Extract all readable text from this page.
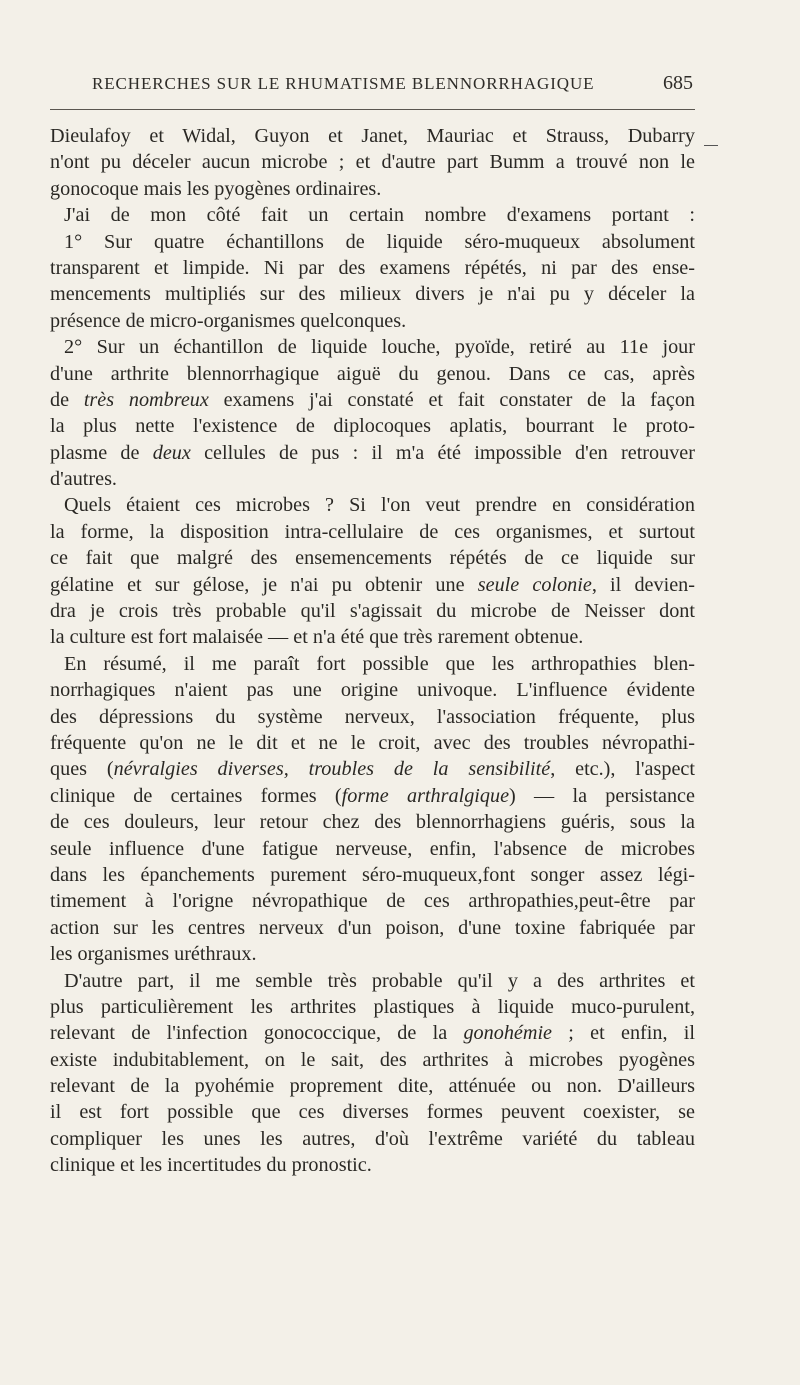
RECHERCHES SUR LE RHUMATISME BLENNORRHAGIQUE	685
Dieulafoy et Widal, Guyon et Janet, Mauriac et Strauss, Dubarry
n'ont pu déceler aucun microbe ; et d'autre part Bumm a trouvé non le
gonocoque mais les pyogènes ordinaires.
J'ai de mon côté fait un certain nombre d'examens portant :
1° Sur quatre échantillons de liquide séro-muqueux absolument
transparent et limpide. Ni par des examens répétés, ni par des ense-
mencements multipliés sur des milieux divers je n'ai pu y déceler la
présence de micro-organismes quelconques.
2° Sur un échantillon de liquide louche, pyoïde, retiré au 11e jour
d'une arthrite blennorrhagique aiguë du genou. Dans ce cas, après
de très nombreux examens j'ai constaté et fait constater de la façon
la plus nette l'existence de diplocoques aplatis, bourrant le proto-
plasme de deux cellules de pus : il m'a été impossible d'en retrouver
d'autres.
Quels étaient ces microbes ? Si l'on veut prendre en considération
la forme, la disposition intra-cellulaire de ces organismes, et surtout
ce fait que malgré des ensemencements répétés de ce liquide sur
gélatine et sur gélose, je n'ai pu obtenir une seule colonie, il devien-
dra je crois très probable qu'il s'agissait du microbe de Neisser dont
la culture est fort malaisée — et n'a été que très rarement obtenue.
En résumé, il me paraît fort possible que les arthropathies blen-
norrhagiques n'aient pas une origine univoque. L'influence évidente
des dépressions du système nerveux, l'association fréquente, plus
fréquente qu'on ne le dit et ne le croit, avec des troubles névropathi-
ques (névralgies diverses, troubles de la sensibilité, etc.), l'aspect
clinique de certaines formes (forme arthralgique) — la persistance
de ces douleurs, leur retour chez des blennorrhagiens guéris, sous la
seule influence d'une fatigue nerveuse, enfin, l'absence de microbes
dans les épanchements purement séro-muqueux,font songer assez légi-
timement à l'origne névropathique de ces arthropathies,peut-être par
action sur les centres nerveux d'un poison, d'une toxine fabriquée par
les organismes uréthraux.
D'autre part, il me semble très probable qu'il y a des arthrites et
plus particulièrement les arthrites plastiques à liquide muco-purulent,
relevant de l'infection gonococcique, de la gonohémie ; et enfin, il
existe indubitablement, on le sait, des arthrites à microbes pyogènes
relevant de la pyohémie proprement dite, atténuée ou non. D'ailleurs
il est fort possible que ces diverses formes peuvent coexister, se
compliquer les unes les autres, d'où l'extrême variété du tableau
clinique et les incertitudes du pronostic.
